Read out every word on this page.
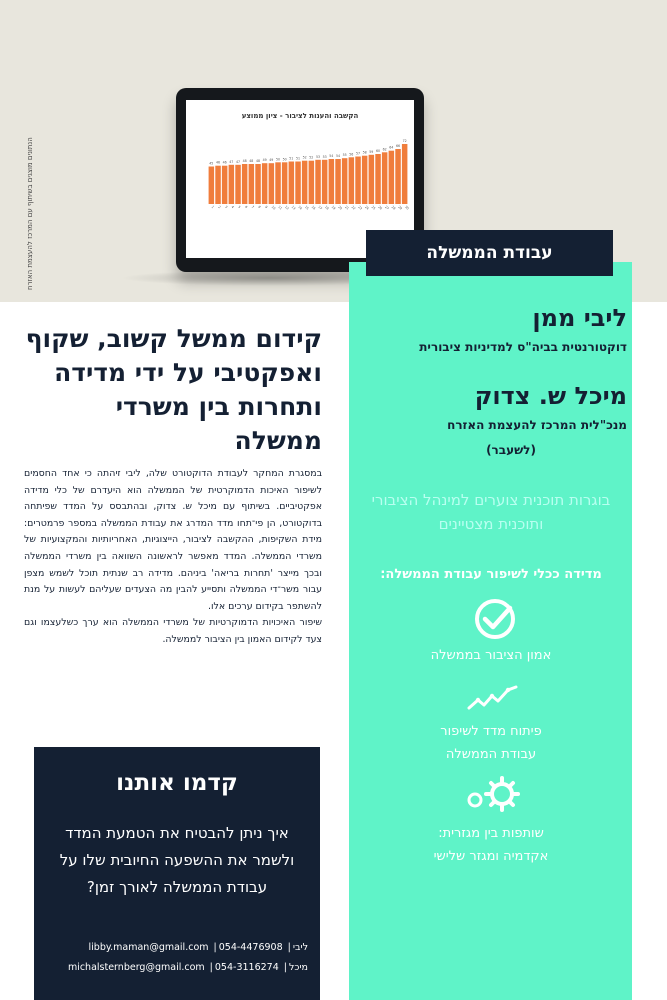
הנתונים מוצגים בשיתוף עם המרכז להעצמת האזרח
הקשבה והענות לציבור - ציון ממוצע
45
1
46
2
46
3
47
4
47
5
48
6
48
7
48
8
49
9
49
10
50
11
50
12
51
13
51
14
52
15
52
16
53
17
53
18
54
19
54
20
55
21
56
22
57
23
58
24
59
25
60
26
62
27
64
28
66
29
72
30
עבודת הממשלה
ליבי ממן
דוקטורנטית בביה"ס למדיניות ציבורית
מיכל ש. צדוק
מנכ"לית המרכז להעצמת האזרח
(לשעבר)
בוגרות תוכנית צוערים למינהל הציבורי ותוכנית מצטיינים
מדידה ככלי לשיפור עבודת הממשלה:
אמון הציבור בממשלה
פיתוח מדד לשיפור עבודת הממשלה
שותפות בין מגזרית: אקדמיה ומגזר שלישי
קידום ממשל קשוב, שקוף ואפקטיבי על ידי מדידה ותחרות בין משרדי ממשלה
במסגרת המחקר לעבודת הדוקטורט שלה, ליבי זיהתה כי אחד החסמים לשיפור האיכות הדמוקרטית של הממשלה הוא היעדרם של כלי מדידה אפקטיביים. בשיתוף עם מיכל ש. צדוק, ובהתבסס על המדד שפיתחה בדוקטורט, הן פי־תחו מדד המדרג את עבודת הממשלה במספר פרמטרים: מידת השקיפות, ההקשבה לציבור, הייצוגיות, האחריותיות והמקצועיות של משרדי הממשלה. המדד מאפשר לראשונה השוואה בין משרדי הממשלה ובכך מייצר 'תחרות בריאה' ביניהם. מדידה רב שנתית תוכל לשמש מצפן עבור משר־די הממשלה ותסייע להבין מה הצעדים שעליהם לעשות על מנת להשתפר בקידום ערכים אלו.
שיפור האיכויות הדמוקרטיות של משרדי הממשלה הוא ערך כשלעצמו וגם צעד לקידום האמון בין הציבור לממשלה.
קדמו אותנו
איך ניתן להבטיח את הטמעת המדד ולשמר את ההשפעה החיובית שלו על עבודת הממשלה לאורך זמן?
ליבי| 054-4476908| libby.maman@gmail.com
מיכל| 054-3116274| michalsternberg@gmail.com
